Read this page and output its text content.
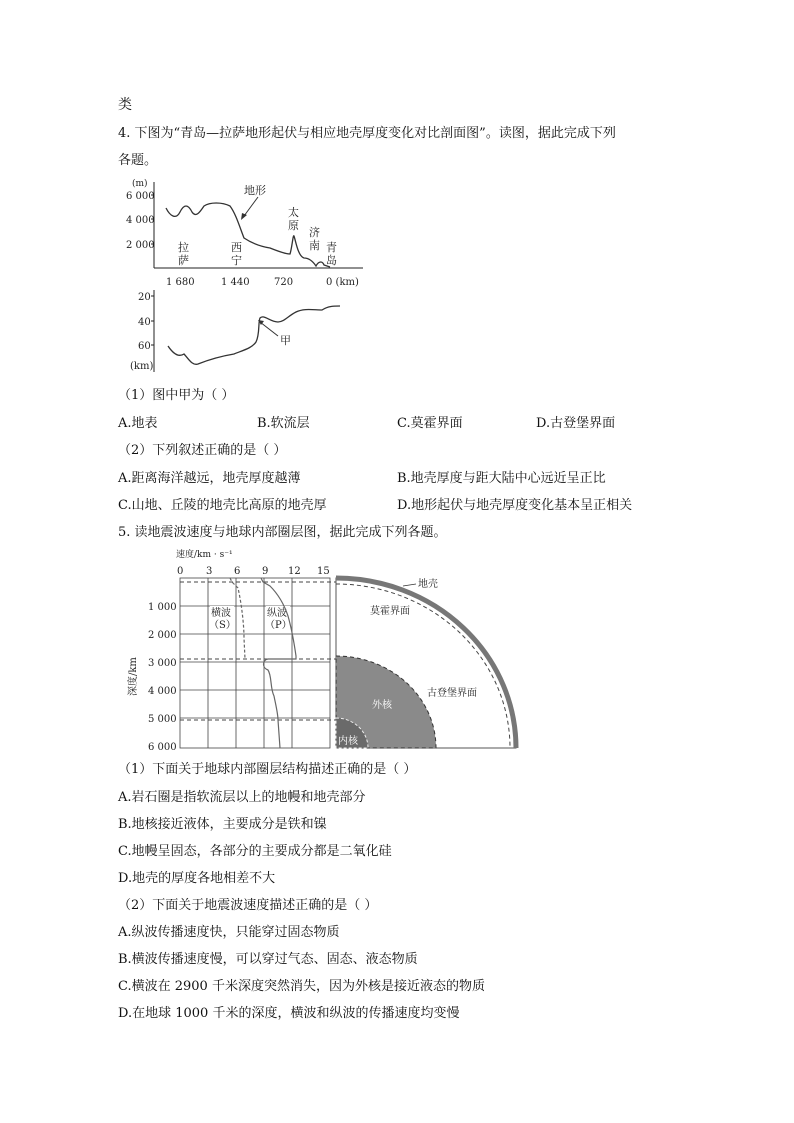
类
4. 下图为“青岛—拉萨地形起伏与相应地壳厚度变化对比剖面图”。读图，据此完成下列
各题。
(m)
6 000
4 000
2 000
1 680	1 440 720	0 (km)
地形
拉
萨
西
宁
太
原
济
南 青
岛
20
40
60
(km)
甲
（1）图中甲为（ ）
A.地表	B.软流层	C.莫霍界面	D.古登堡界面
（2）下列叙述正确的是（ ）
A.距离海洋越远，地壳厚度越薄	B.地壳厚度与距大陆中心远近呈正比
C.山地、丘陵的地壳比高原的地壳厚	D.地形起伏与地壳厚度变化基本呈正相关
5. 读地震波速度与地球内部圈层图，据此完成下列各题。
速度/km · s⁻¹
0 3 6 9 12 15
1 000
2 000
3 000
4 000
5 000
6 000
深度/km
横波
（S）
纵波
（P）
地壳
莫霍界面
古登堡界面
外核
内核
（1）下面关于地球内部圈层结构描述正确的是（ ）
A.岩石圈是指软流层以上的地幔和地壳部分
B.地核接近液体，主要成分是铁和镍
C.地幔呈固态，各部分的主要成分都是二氧化硅
D.地壳的厚度各地相差不大
（2）下面关于地震波速度描述正确的是（ ）
A.纵波传播速度快，只能穿过固态物质
B.横波传播速度慢，可以穿过气态、固态、液态物质
C.横波在 2900 千米深度突然消失，因为外核是接近液态的物质
D.在地球 1000 千米的深度，横波和纵波的传播速度均变慢
